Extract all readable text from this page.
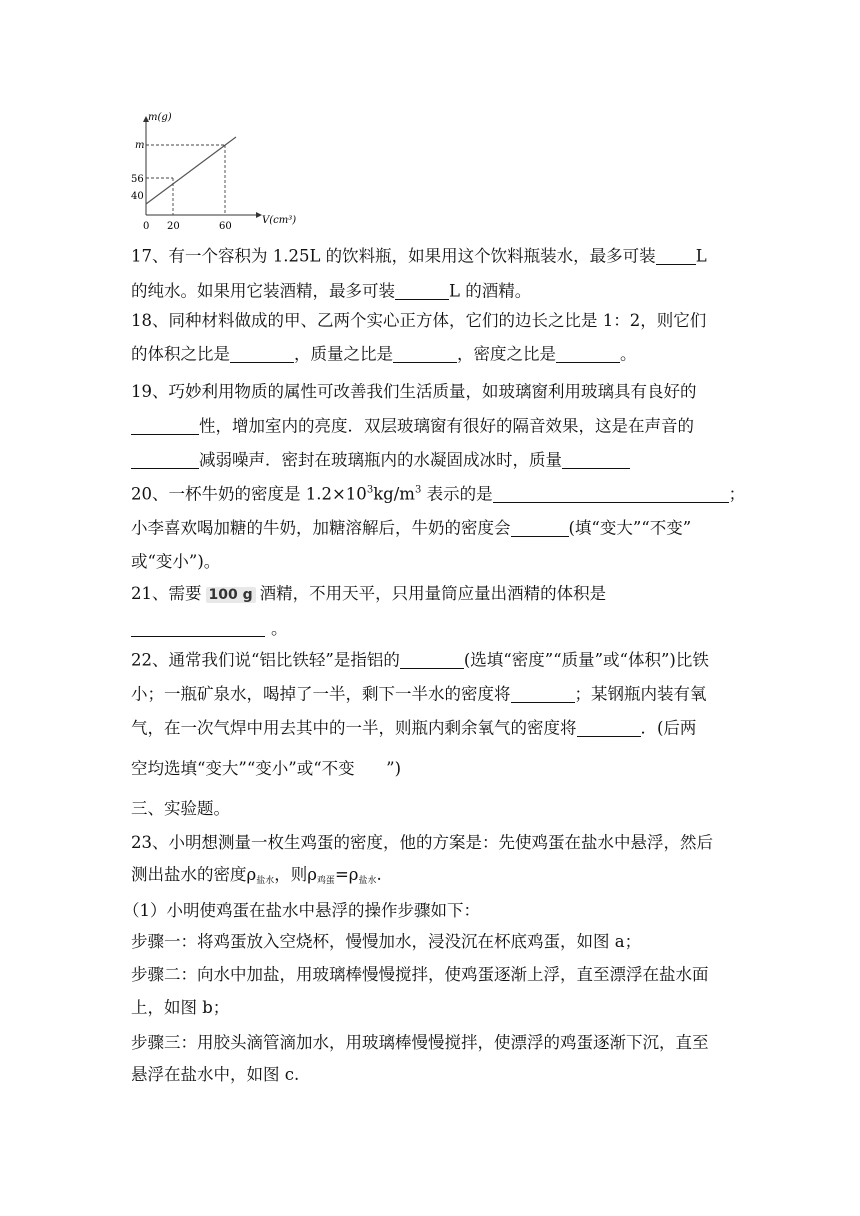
m(g)
V(cm³)
m
56
40
0 20	60
17、有一个容积为 1.25L 的饮料瓶，如果用这个饮料瓶装水，最多可装 L
的纯水。如果用它装酒精，最多可装	L 的酒精。
18、同种材料做成的甲、乙两个实心正方体，它们的边长之比是 1：2，则它们
的体积之比是	，质量之比是	，密度之比是	。
19、巧妙利用物质的属性可改善我们生活质量，如玻璃窗利用玻璃具有良好的
性，增加室内的亮度．双层玻璃窗有很好的隔音效果，这是在声音的
减弱噪声．密封在玻璃瓶内的水凝固成冰时，质量
20、一杯牛奶的密度是 $1.2\times 10^3kg/m^3$ 表示的是	；
小李喜欢喝加糖的牛奶，加糖溶解后，牛奶的密度会	(填“变大”“不变”
或“变小”)。
21、需要 100 g 酒精，不用天平，只用量筒应量出酒精的体积是
。
22、通常我们说“铝比铁轻”是指铝的	(选填“密度”“质量”或“体积”)比铁
小；一瓶矿泉水，喝掉了一半，剩下一半水的密度将	；某钢瓶内装有氧
气，在一次气焊中用去其中的一半，则瓶内剩余氧气的密度将	．(后两
空均选填“变大”“变小”或“不变      ”)
三、实验题。
23、小明想测量一枚生鸡蛋的密度，他的方案是：先使鸡蛋在盐水中悬浮，然后
测出盐水的密度$\rho_{盐水}$，则$\rho_{鸡蛋}=\rho_{盐水}$.
（1）小明使鸡蛋在盐水中悬浮的操作步骤如下：
步骤一：将鸡蛋放入空烧杯，慢慢加水，浸没沉在杯底鸡蛋，如图 a；
步骤二：向水中加盐，用玻璃棒慢慢搅拌，使鸡蛋逐渐上浮，直至漂浮在盐水面
上，如图 b；
步骤三：用胶头滴管滴加水，用玻璃棒慢慢搅拌，使漂浮的鸡蛋逐渐下沉，直至
悬浮在盐水中，如图 c.
